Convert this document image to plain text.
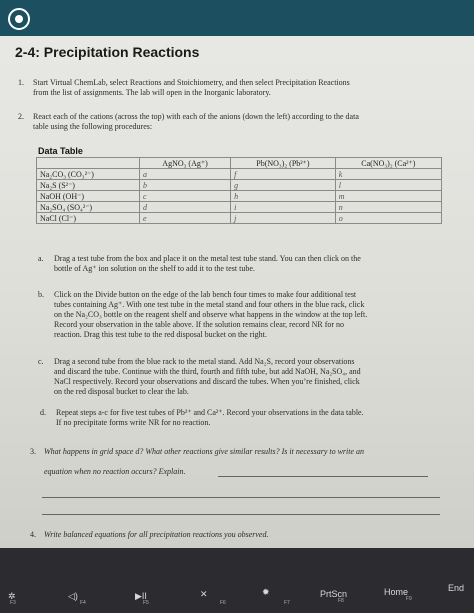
2-4: Precipitation Reactions
1. Start Virtual ChemLab, select Reactions and Stoichiometry, and then select Precipitation Reactions
from the list of assignments. The lab will open in the Inorganic laboratory.
2. React each of the cations (across the top) with each of the anions (down the left) according to the data
table using the following procedures:
Data Table
	AgNO₃ (Ag⁺)	Pb(NO₃)₂ (Pb²⁺)	Ca(NO₃)₂ (Ca²⁺)
Na₂CO₃ (CO₃²⁻)	a	f	k
Na₂S (S²⁻)	b	g	l
NaOH (OH⁻)	c	h	m
Na₂SO₄ (SO₄²⁻)	d	i	n
NaCl (Cl⁻)	e	j	o
a. Drag a test tube from the box and place it on the metal test tube stand. You can then click on the
bottle of Ag⁺ ion solution on the shelf to add it to the test tube.
b. Click on the Divide button on the edge of the lab bench four times to make four additional test
tubes containing Ag⁺. With one test tube in the metal stand and four others in the blue rack, click
on the Na₂CO₃ bottle on the reagent shelf and observe what happens in the window at the top left.
Record your observation in the table above. If the solution remains clear, record NR for no
reaction. Drag this test tube to the red disposal bucket on the right.
c. Drag a second tube from the blue rack to the metal stand. Add Na₂S, record your observations
and discard the tube. Continue with the third, fourth and fifth tube, but add NaOH, Na₂SO₄, and
NaCl respectively. Record your observations and discard the tubes. When you’re finished, click
on the red disposal bucket to clear the lab.
d. Repeat steps a-c for five test tubes of Pb²⁺ and Ca²⁺. Record your observations in the data table.
If no precipitate forms write NR for no reaction.
3. What happens in grid space d? What other reactions give similar results? Is it necessary to write an
equation when no reaction occurs? Explain.
4. Write balanced equations for all precipitation reactions you observed.
✲
F3
◁)
F4
▶II
F5
✕
F6
✹
F7
PrtScn
F8
Home
F9
End
